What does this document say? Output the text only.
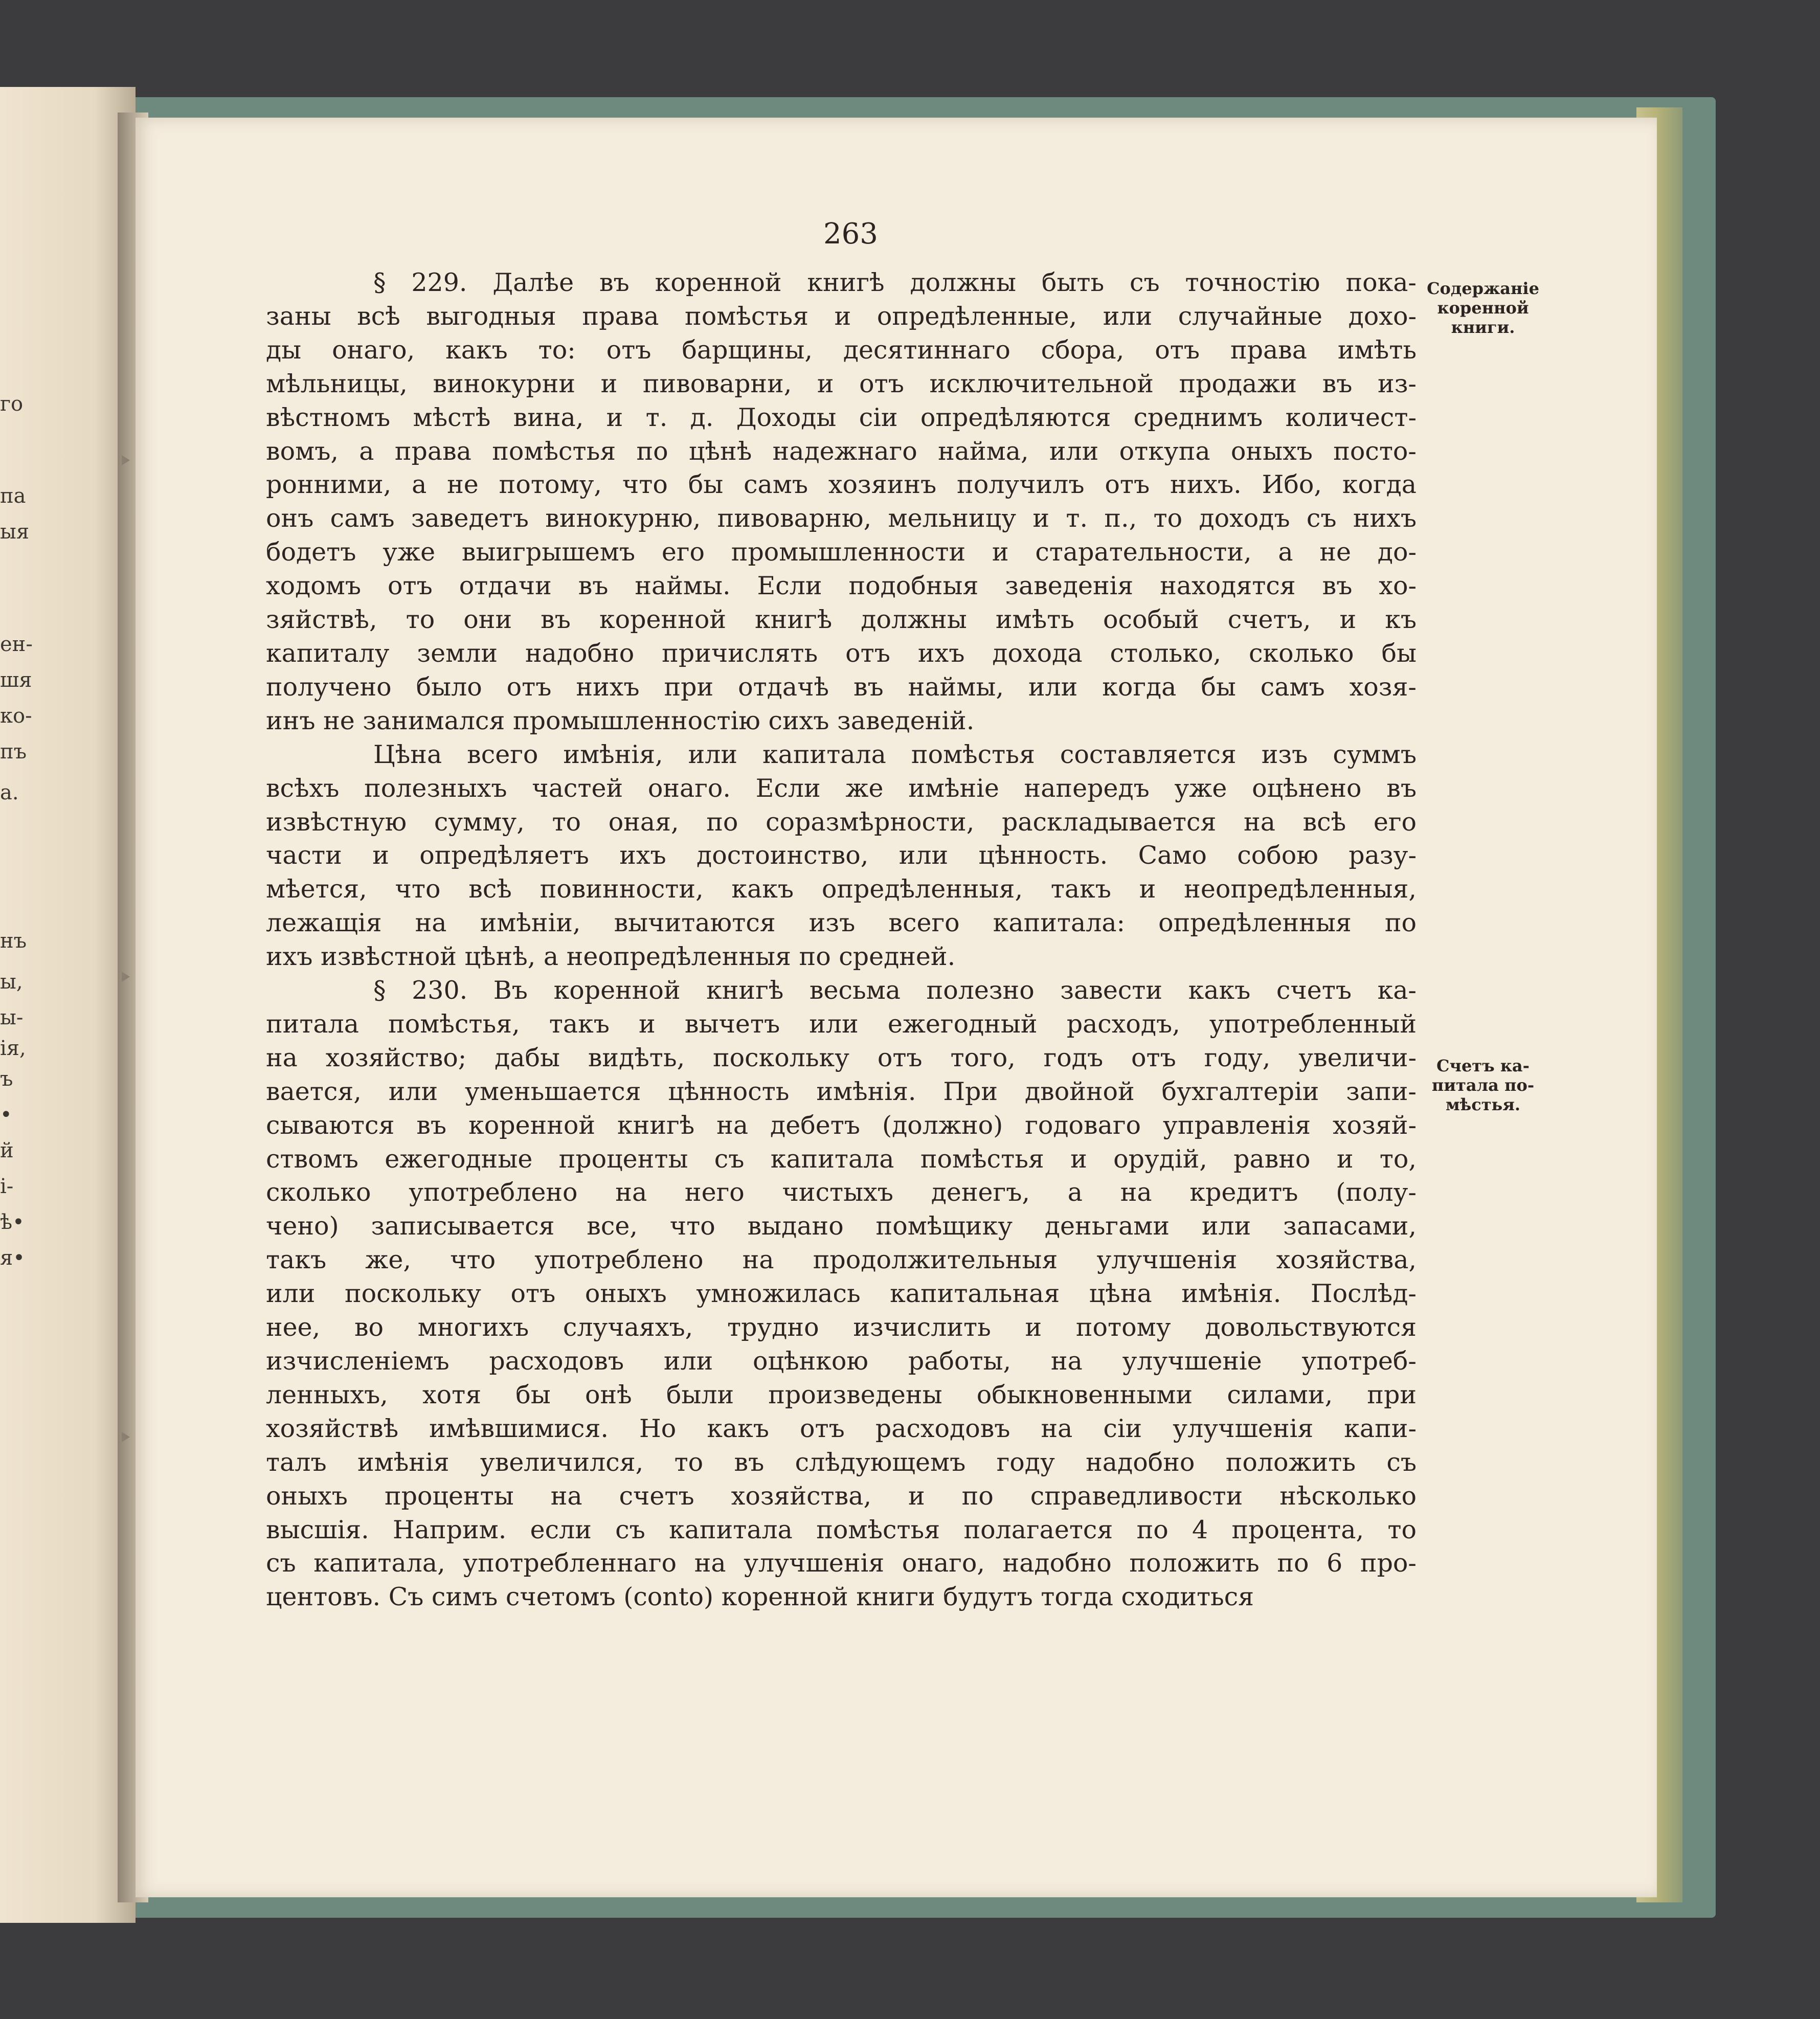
го
па
ыя
ен-
шя
ко-
пъ
а.
нъ
ы,
ы-
ія,
ъ
•
й
і-
ѣ•
я•
263
Содержаніе
коренной
книги.
Счетъ ка-
питала по-
мѣстья.
§ 229. Далѣе въ коренной книгѣ должны быть съ точностію пока-
заны всѣ выгодныя права помѣстья и опредѣленные, или случайные дохо-
ды онаго, какъ то: отъ барщины, десятиннаго сбора, отъ права имѣть
мѣльницы, винокурни и пивоварни, и отъ исключительной продажи въ из-
вѣстномъ мѣстѣ вина, и т. д. Доходы сіи опредѣляются среднимъ количест-
вомъ, а права помѣстья по цѣнѣ надежнаго найма, или откупа оныхъ посто-
ронними, а не потому, что бы самъ хозяинъ получилъ отъ нихъ. Ибо, когда
онъ самъ заведетъ винокурню, пивоварню, мельницу и т. п., то доходъ съ нихъ
бодетъ уже выигрышемъ его промышленности и старательности, а не до-
ходомъ отъ отдачи въ наймы. Если подобныя заведенія находятся въ хо-
зяйствѣ, то они въ коренной книгѣ должны имѣть особый счетъ, и къ
капиталу земли надобно причислять отъ ихъ дохода столько, сколько бы
получено было отъ нихъ при отдачѣ въ наймы, или когда бы самъ хозя-
инъ не занимался промышленностію сихъ заведеній.
Цѣна всего имѣнія, или капитала помѣстья составляется изъ суммъ
всѣхъ полезныхъ частей онаго. Если же имѣніе напередъ уже оцѣнено въ
извѣстную сумму, то оная, по соразмѣрности, раскладывается на всѣ его
части и опредѣляетъ ихъ достоинство, или цѣнность. Само собою разу-
мѣется, что всѣ повинности, какъ опредѣленныя, такъ и неопредѣленныя,
лежащія на имѣніи, вычитаются изъ всего капитала: опредѣленныя по
ихъ извѣстной цѣнѣ, а неопредѣленныя по средней.
§ 230. Въ коренной книгѣ весьма полезно завести какъ счетъ ка-
питала помѣстья, такъ и вычетъ или ежегодный расходъ, употребленный
на хозяйство; дабы видѣть, поскольку отъ того, годъ отъ году, увеличи-
вается, или уменьшается цѣнность имѣнія. При двойной бухгалтеріи запи-
сываются въ коренной книгѣ на дебетъ (должно) годоваго управленія хозяй-
ствомъ ежегодные проценты съ капитала помѣстья и орудій, равно и то,
сколько употреблено на него чистыхъ денегъ, а на кредитъ (полу-
чено) записывается все, что выдано помѣщику деньгами или запасами,
такъ же, что употреблено на продолжительныя улучшенія хозяйства,
или поскольку отъ оныхъ умножилась капитальная цѣна имѣнія. Послѣд-
нее, во многихъ случаяхъ, трудно изчислить и потому довольствуются
изчисленіемъ расходовъ или оцѣнкою работы, на улучшеніе употреб-
ленныхъ, хотя бы онѣ были произведены обыкновенными силами, при
хозяйствѣ имѣвшимися. Но какъ отъ расходовъ на сіи улучшенія капи-
талъ имѣнія увеличился, то въ слѣдующемъ году надобно положить съ
оныхъ проценты на счетъ хозяйства, и по справедливости нѣсколько
высшія. Наприм. если съ капитала помѣстья полагается по 4 процента, то
съ капитала, употребленнаго на улучшенія онаго, надобно положить по 6 про-
центовъ. Съ симъ счетомъ (conto) коренной книги будутъ тогда сходиться
